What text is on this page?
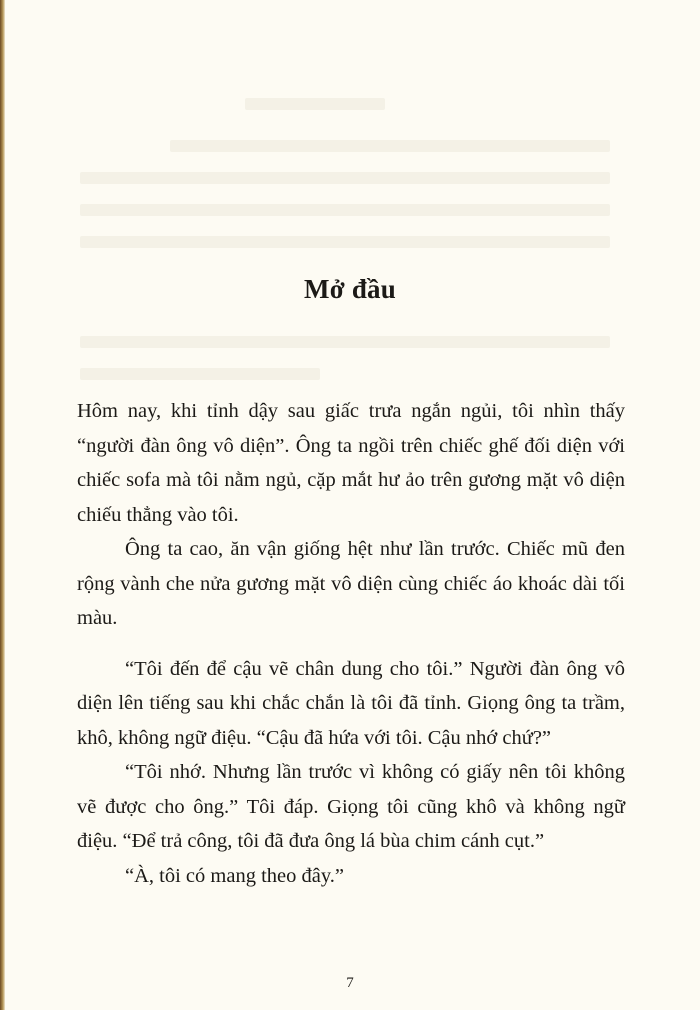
Mở đầu

Hôm nay, khi tỉnh dậy sau giấc trưa ngắn ngủi, tôi nhìn thấy “người đàn ông vô diện”. Ông ta ngồi trên chiếc ghế đối diện với chiếc sofa mà tôi nằm ngủ, cặp mắt hư ảo trên gương mặt vô diện chiếu thẳng vào tôi.

Ông ta cao, ăn vận giống hệt như lần trước. Chiếc mũ đen rộng vành che nửa gương mặt vô diện cùng chiếc áo khoác dài tối màu.

“Tôi đến để cậu vẽ chân dung cho tôi.” Người đàn ông vô diện lên tiếng sau khi chắc chắn là tôi đã tỉnh. Giọng ông ta trầm, khô, không ngữ điệu. “Cậu đã hứa với tôi. Cậu nhớ chứ?”

“Tôi nhớ. Nhưng lần trước vì không có giấy nên tôi không vẽ được cho ông.” Tôi đáp. Giọng tôi cũng khô và không ngữ điệu. “Để trả công, tôi đã đưa ông lá bùa chim cánh cụt.”

“À, tôi có mang theo đây.”

7
